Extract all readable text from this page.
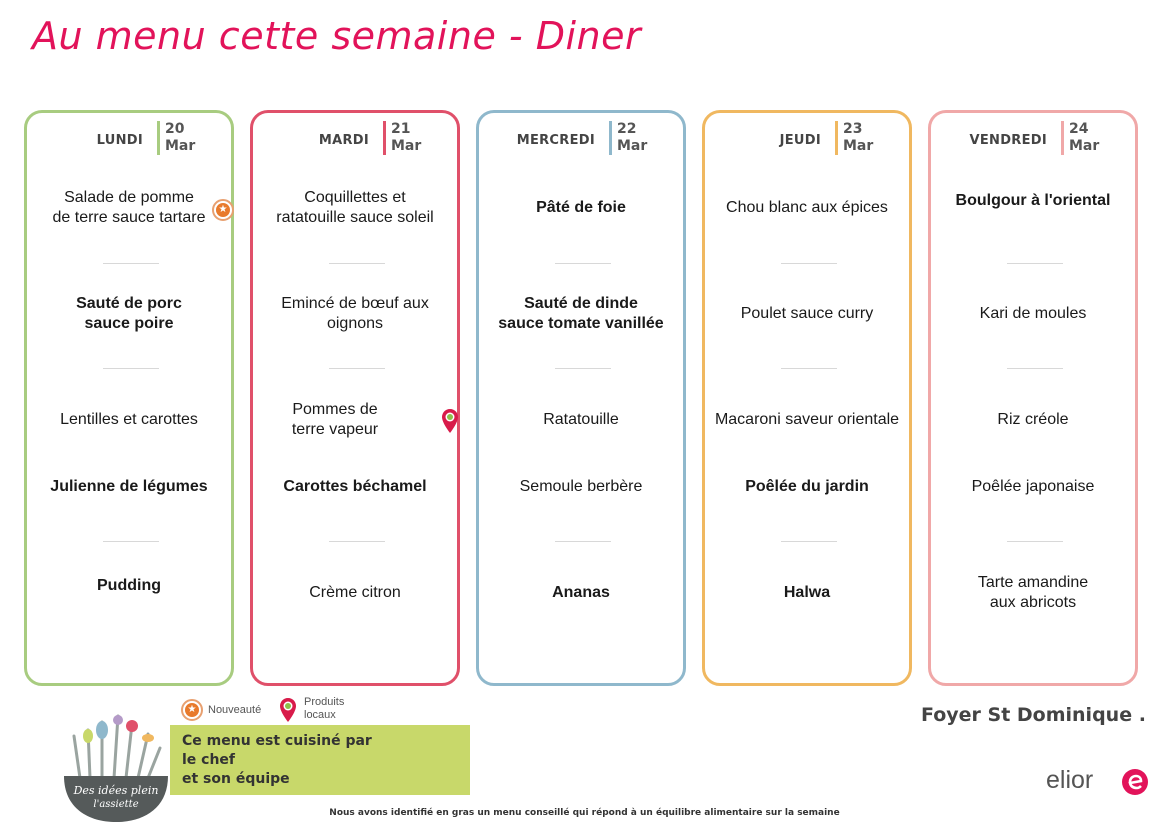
Au menu cette semaine - Diner
LUNDI
20
Mar
Salade de pomme
de terre sauce tartare	★
Sauté de porc
sauce poire
Lentilles et carottes
Julienne de légumes
Pudding
MARDI
21
Mar
Coquillettes et
ratatouille sauce soleil
Emincé de bœuf aux
oignons
Pommes de
terre vapeur
Carottes béchamel
Crème citron
MERCREDI
22
Mar
Pâté de foie
Sauté de dinde
sauce tomate vanillée
Ratatouille
Semoule berbère
Ananas
JEUDI
23
Mar
Chou blanc aux épices
Poulet sauce curry
Macaroni saveur orientale
Poêlée du jardin
Halwa
VENDREDI
24
Mar
Boulgour à l'oriental
Kari de moules
Riz créole
Poêlée japonaise
Tarte amandine
aux abricots
★ Nouveauté
Produits
locaux
Ce menu est cuisiné par
le chef
et son équipe
Des idées plein
l'assiette
Foyer St Dominique .
elior
Nous avons identifié en gras un menu conseillé qui répond à un équilibre alimentaire sur la semaine
